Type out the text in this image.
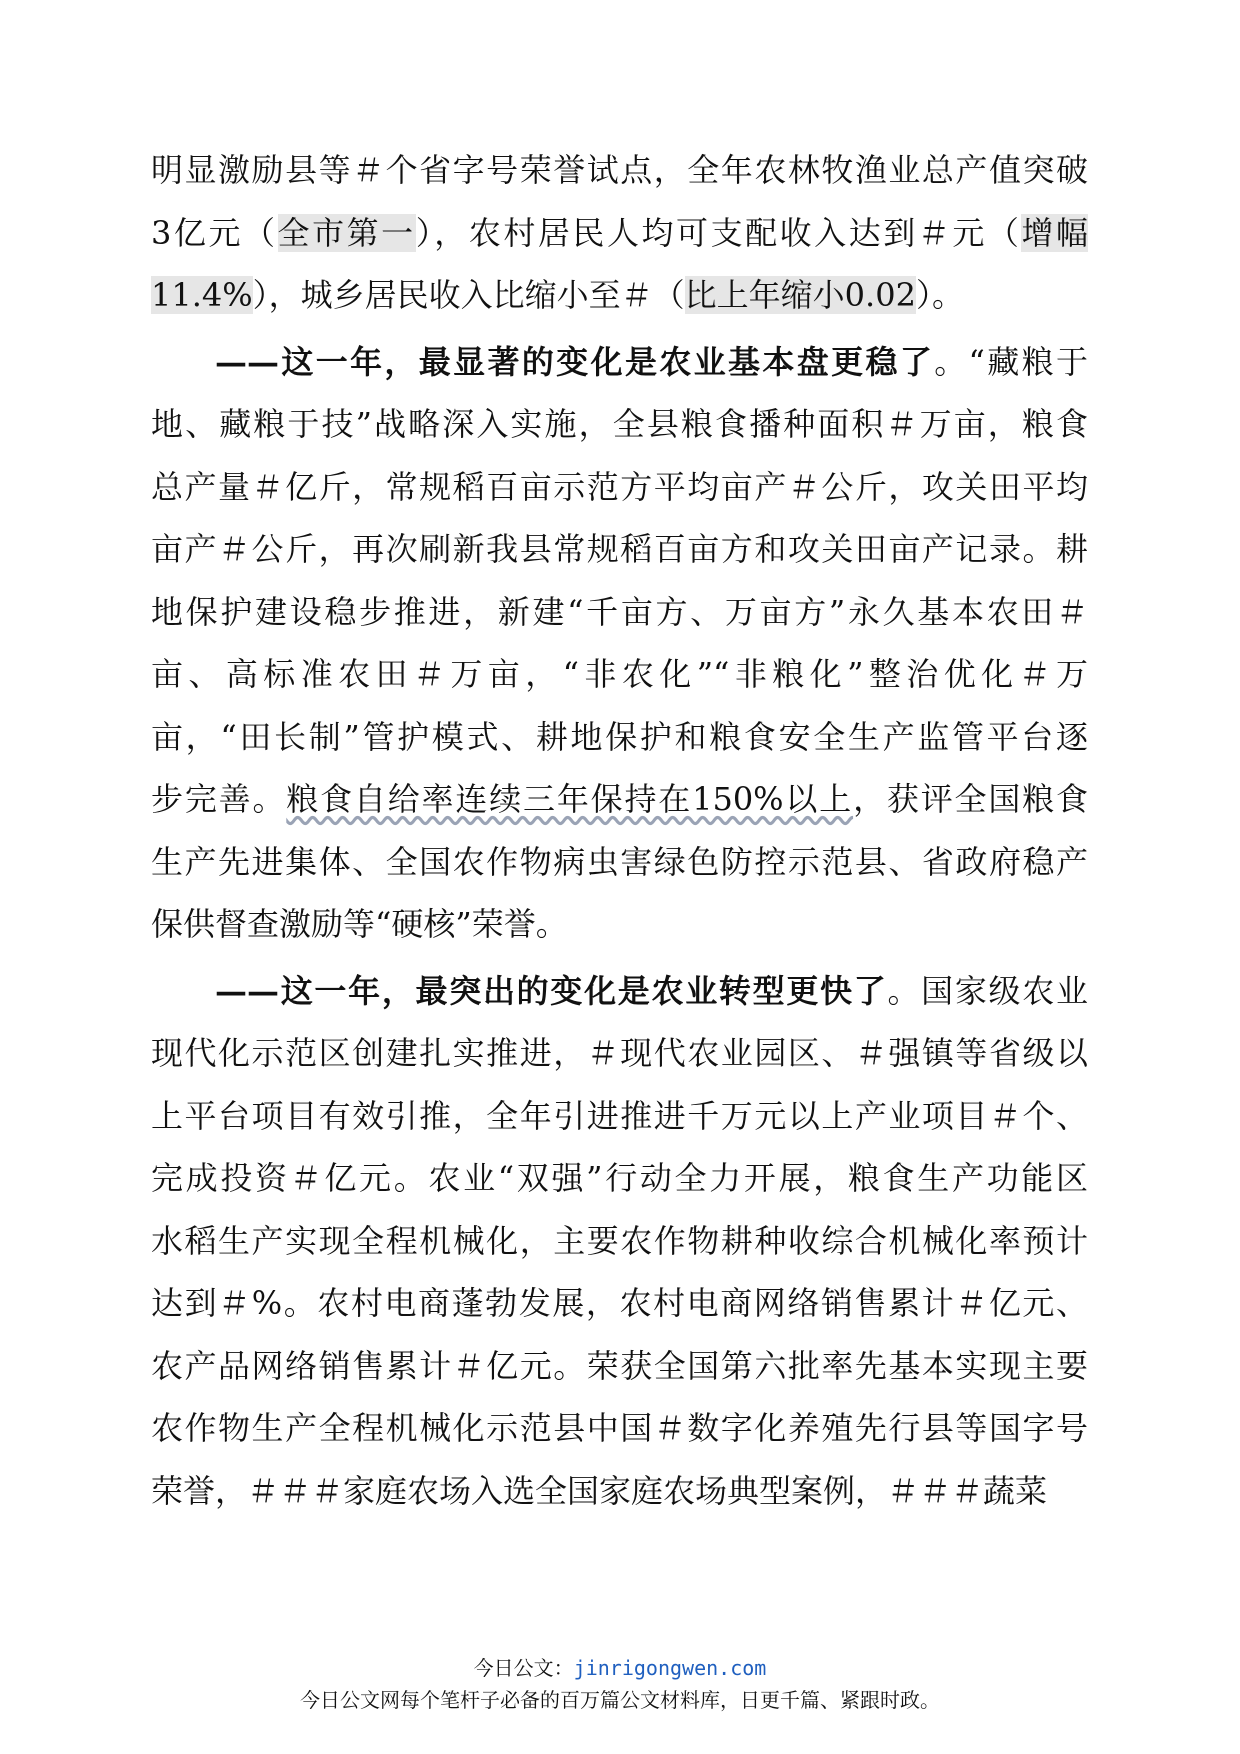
明显激励县等＃个省字号荣誉试点，全年农林牧渔业总产值突破
3亿元（全市第一），农村居民人均可支配收入达到＃元（增幅
11.4%），城乡居民收入比缩小至＃（比上年缩小0.02）。
——这一年，最显著的变化是农业基本盘更稳了。“藏粮于
地、藏粮于技”战略深入实施，全县粮食播种面积＃万亩，粮食
总产量＃亿斤，常规稻百亩示范方平均亩产＃公斤，攻关田平均
亩产＃公斤，再次刷新我县常规稻百亩方和攻关田亩产记录。耕
地保护建设稳步推进，新建“千亩方、万亩方”永久基本农田＃
亩、高标准农田＃万亩，“非农化”“非粮化”整治优化＃万
亩，“田长制”管护模式、耕地保护和粮食安全生产监管平台逐
步完善。粮食自给率连续三年保持在150%以上，获评全国粮食
生产先进集体、全国农作物病虫害绿色防控示范县、省政府稳产
保供督查激励等“硬核”荣誉。
——这一年，最突出的变化是农业转型更快了。国家级农业
现代化示范区创建扎实推进，＃现代农业园区、＃强镇等省级以
上平台项目有效引推，全年引进推进千万元以上产业项目＃个、
完成投资＃亿元。农业“双强”行动全力开展，粮食生产功能区
水稻生产实现全程机械化，主要农作物耕种收综合机械化率预计
达到＃%。农村电商蓬勃发展，农村电商网络销售累计＃亿元、
农产品网络销售累计＃亿元。荣获全国第六批率先基本实现主要
农作物生产全程机械化示范县中国＃数字化养殖先行县等国字号
荣誉，＃＃＃家庭农场入选全国家庭农场典型案例，＃＃＃蔬菜
今日公文：jinrigongwen.com
今日公文网每个笔杆子必备的百万篇公文材料库，日更千篇、紧跟时政。
